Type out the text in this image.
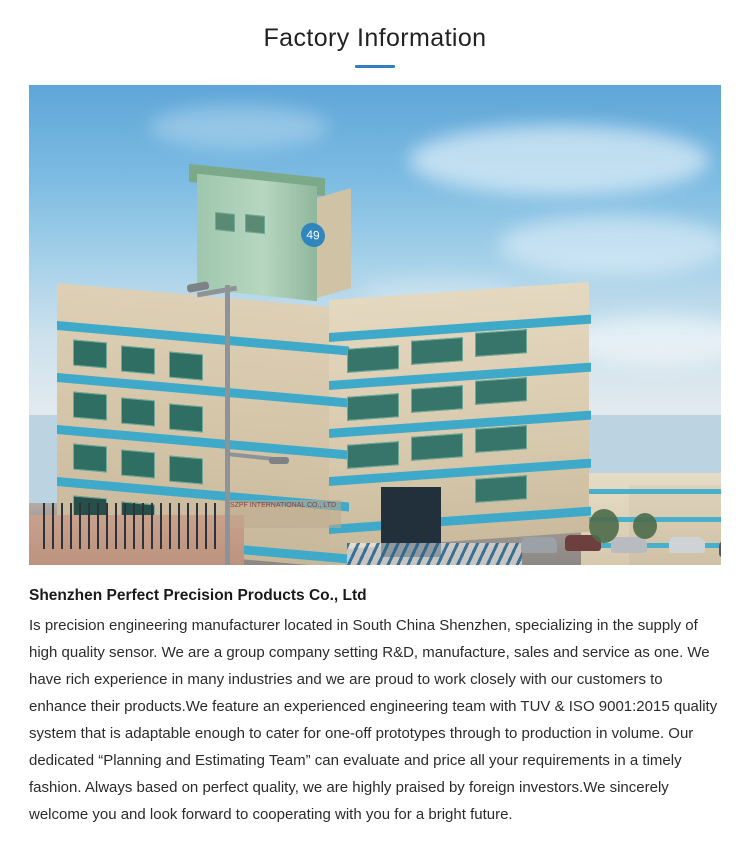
Factory Information
49
SZPF INTERNATIONAL CO., LTD

Shenzhen Perfect Precision Products Co., Ltd

Is precision engineering manufacturer located in South China Shenzhen, specializing in the supply of high quality sensor. We are a group company setting R&D, manufacture, sales and service as one. We have rich experience in many industries and we are proud to work closely with our customers to enhance their products.We feature an experienced engineering team with TUV & ISO 9001:2015 quality system that is adaptable enough to cater for one-off prototypes through to production in volume. Our dedicated “Planning and Estimating Team” can evaluate and price all your requirements in a timely fashion. Always based on perfect quality, we are highly praised by foreign investors.We sincerely welcome you and look forward to cooperating with you for a bright future.
